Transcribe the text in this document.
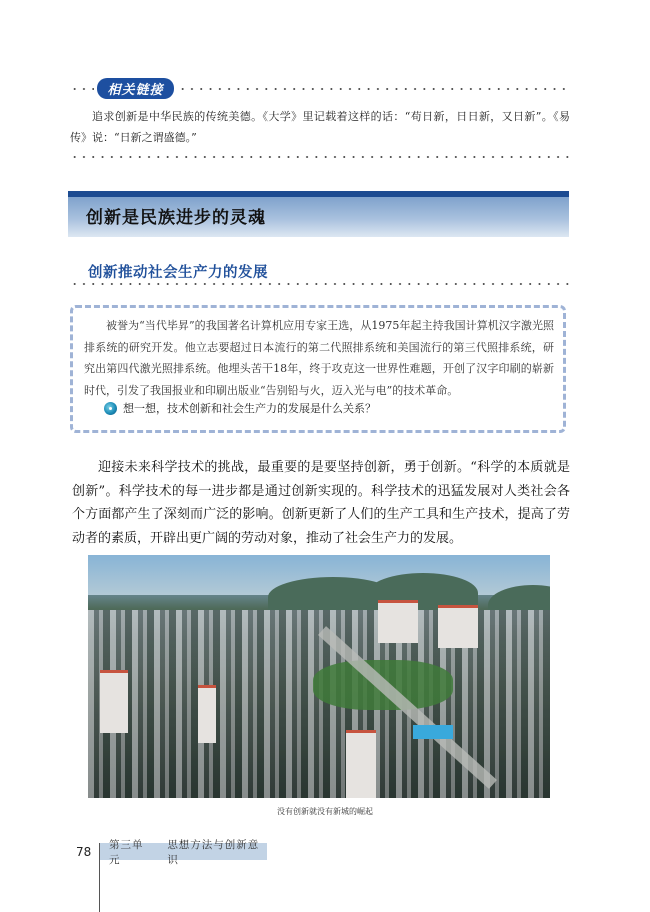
相关链接

追求创新是中华民族的传统美德。《大学》里记载着这样的话：“苟日新，日日新，又日新”。《易传》说：“日新之谓盛德。”

创新是民族进步的灵魂
创新推动社会生产力的发展

被誉为“当代毕昇”的我国著名计算机应用专家王选，从1975年起主持我国计算机汉字激光照排系统的研究开发。他立志要超过日本流行的第二代照排系统和美国流行的第三代照排系统，研究出第四代激光照排系统。他埋头苦干18年，终于攻克这一世界性难题，开创了汉字印刷的崭新时代，引发了我国报业和印刷出版业“告别铅与火，迈入光与电”的技术革命。

想一想，技术创新和社会生产力的发展是什么关系？

迎接未来科学技术的挑战，最重要的是要坚持创新，勇于创新。“科学的本质就是创新”。科学技术的每一进步都是通过创新实现的。科学技术的迅猛发展对人类社会各个方面都产生了深刻而广泛的影响。创新更新了人们的生产工具和生产技术，提高了劳动者的素质，开辟出更广阔的劳动对象，推动了社会生产力的发展。

没有创新就没有新城的崛起
78
第三单元
思想方法与创新意识
